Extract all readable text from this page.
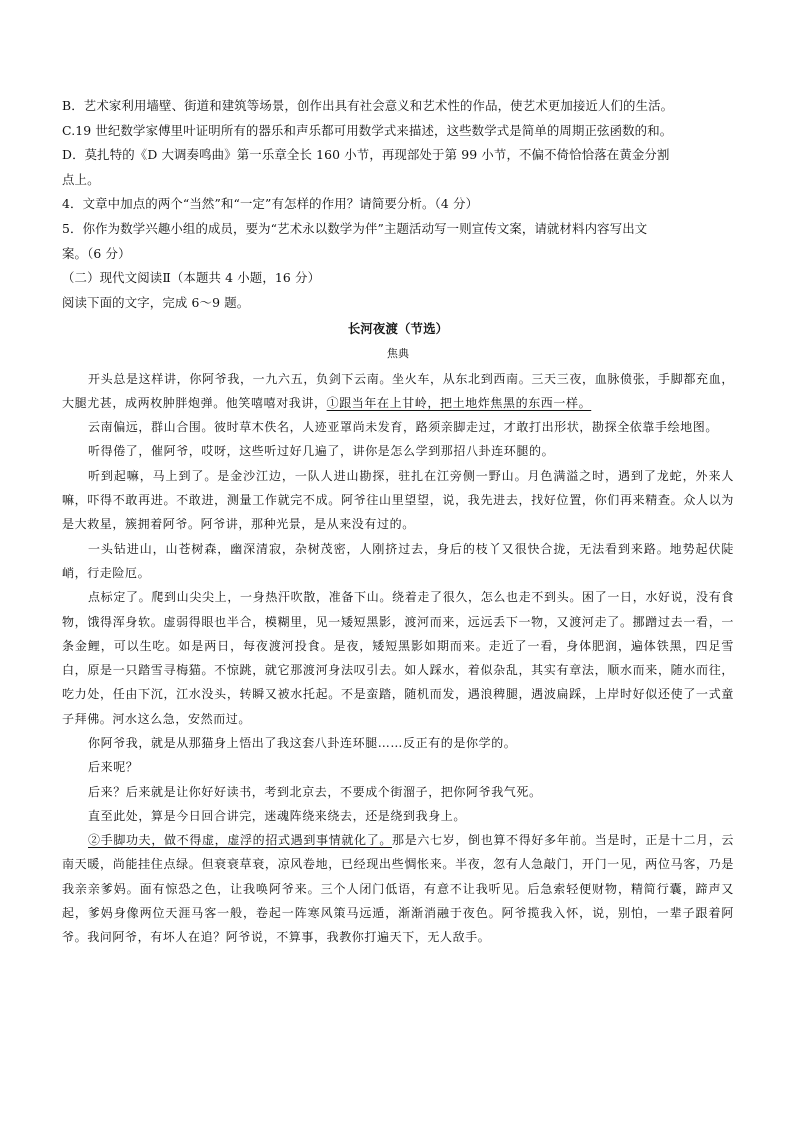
B．艺术家利用墙壁、街道和建筑等场景，创作出具有社会意义和艺术性的作品，使艺术更加接近人们的生活。

C.19 世纪数学家傅里叶证明所有的器乐和声乐都可用数学式来描述，这些数学式是简单的周期正弦函数的和。

D．莫扎特的《D 大调奏鸣曲》第一乐章全长 160 小节，再现部处于第 99 小节，不偏不倚恰恰落在黄金分割

点上。

4．文章中加点的两个“当然”和“一定”有怎样的作用？请简要分析。（4 分）

5．你作为数学兴趣小组的成员，要为“艺术永以数学为伴”主题活动写一则宣传文案，请就材料内容写出文

案。（6 分）

（二）现代文阅读Ⅱ（本题共 4 小题，16 分）

阅读下面的文字，完成 6～9 题。

长河夜渡（节选）

焦典

开头总是这样讲，你阿爷我，一九六五，负剑下云南。坐火车，从东北到西南。三天三夜，血脉偾张，手脚都充血，大腿尤甚，成两枚肿胖炮弹。他笑嘻嘻对我讲，①跟当年在上甘岭，把土地炸焦黑的东西一样。

云南偏远，群山合围。彼时草木佚名，人迹亚罩尚未发育，路须亲脚走过，才敢打出形状，勘探全依靠手绘地图。

听得倦了，催阿爷，哎呀，这些听过好几遍了，讲你是怎么学到那招八卦连环腿的。

听到起嘛，马上到了。是金沙江边，一队人进山勘探，驻扎在江旁侧一野山。月色满溢之时，遇到了龙蛇，外来人嘛，吓得不敢再进。不敢进，测量工作就完不成。阿爷往山里望望，说，我先进去，找好位置，你们再来精查。众人以为是大救星，簇拥着阿爷。阿爷讲，那种光景，是从来没有过的。

一头钻进山，山苍树森，幽深清寂，杂树茂密，人刚挤过去，身后的枝丫又很快合拢，无法看到来路。地势起伏陡峭，行走险厄。

点标定了。爬到山尖尖上，一身热汗吹散，准备下山。绕着走了很久，怎么也走不到头。困了一日，水好说，没有食物，饿得浑身软。虚弱得眼也半合，模糊里，见一矮短黑影，渡河而来，远远丢下一物，又渡河走了。挪蹭过去一看，一条金鲤，可以生吃。如是两日，每夜渡河投食。是夜，矮短黑影如期而来。走近了一看，身体肥润，遍体铁黑，四足雪白，原是一只踏雪寻梅猫。不惊跳，就它那渡河身法叹引去。如人踩水，着似杂乱，其实有章法，顺水而来，随水而往，吃力处，任由下沉，江水没头，转瞬又被水托起。不是蛮踏，随机而发，遇浪稗腿，遇波扁踩，上岸时好似还使了一式童子拜佛。河水这么急，安然而过。

你阿爷我，就是从那猫身上悟出了我这套八卦连环腿……反正有的是你学的。

后来呢？

后来？后来就是让你好好读书，考到北京去，不要成个街溜子，把你阿爷我气死。

直至此处，算是今日回合讲完，迷魂阵绕来绕去，还是绕到我身上。

②手脚功夫，做不得虚，虚浮的招式遇到事情就化了。那是六七岁，倒也算不得好多年前。当是时，正是十二月，云南天暖，尚能挂住点绿。但衰衰草衰，凉风卷地，已经现出些惆怅来。半夜，忽有人急敲门，开门一见，两位马客，乃是我亲亲爹妈。面有惊恐之色，让我唤阿爷来。三个人闭门低语，有意不让我听见。后急索轻便财物，精简行囊，蹄声又起，爹妈身像两位天涯马客一般，卷起一阵寒风策马远遁，渐渐消融于夜色。阿爷揽我入怀，说，别怕，一辈子跟着阿爷。我问阿爷，有坏人在追？阿爷说，不算事，我教你打遍天下，无人敌手。
